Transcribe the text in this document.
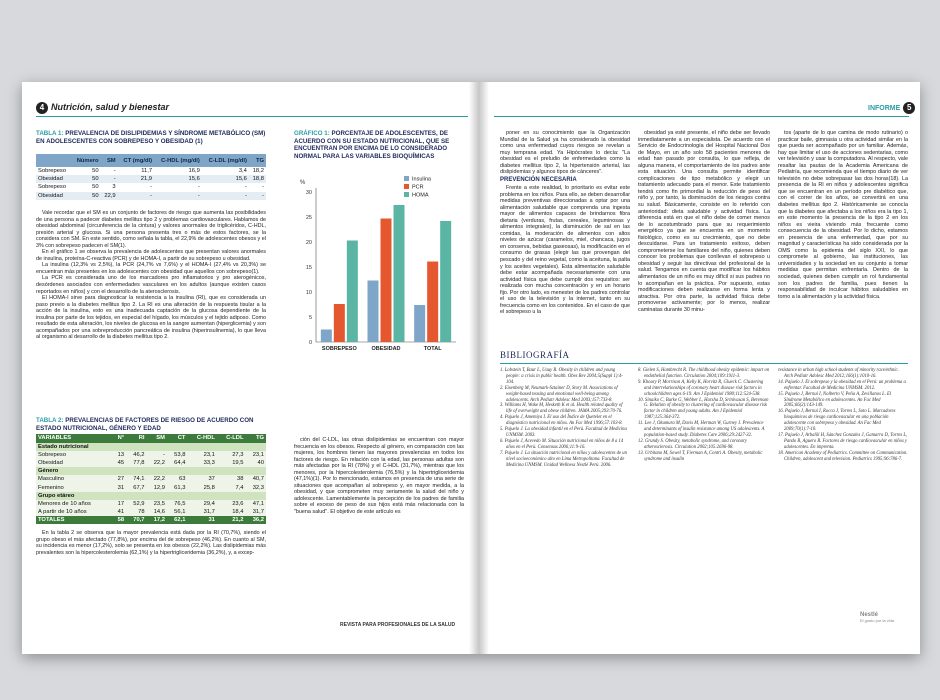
4 Nutrición, salud y bienestar
TABLA 1: PREVALENCIA DE DISLIPIDEMIAS Y SÍNDROME METABÓLICO (SM) EN ADOLESCENTES CON SOBREPESO Y OBESIDAD (1)
	Número	SM	CT (mg/dl)	C-HDL (mg/dl)	C-LDL (mg/dl)	TG
Sobrepeso	50	-	11,7	16,9	3,4	18,2
Obesidad	50	-	21,9	15,6	15,6	18,8
Sobrepeso	50	3	-	-	-	-
Obesidad	50	22,9	-	-	-	-

Vale recordar que el SM es un conjunto de factores de riesgo que aumenta las posibilidades de una persona a padecer diabetes mellitus tipo 2 y problemas cardiovasculares. Hablamos de obesidad abdominal (circunferencia de la cintura) y valores anormales de triglicéridos, C-HDL, presión arterial y glucosa. Si una persona presenta tres o más de estos factores, se la considera con SM. En este sentido, como señala la tabla, el 22,9% de adolescentes obesos y el 3% con sobrepeso padecen el SM(1).

En el gráfico 1 se observa la prevalencia de adolescentes que presentan valores anormales de insulina, proteína-C-reactiva (PCR) y de HOMA-I, a partir de su sobrepeso u obesidad.

La insulina (12,3% vs 2,5%), la PCR (24,7% vs 7,6%) y el HOMA-I (27,4% vs 20,3%) se encuentran más presentes en los adolescentes con obesidad que aquellos con sobrepeso(1).

La PCR es considerada uno de los marcadores pro inflamatorios y pro aterogénicos, desórdenes asociados con enfermedades vasculares en los adultos (aunque existen casos reportados en niños) y con el desarrollo de la aterosclerosis.

El HOMA-I sirve para diagnosticar la resistencia a la insulina (RI), que es considerada un paso previo a la diabetes mellitus tipo 2. La RI es una alteración de la respuesta tisular a la acción de la insulina, esto es una inadecuada captación de la glucosa dependiente de la insulina por parte de los tejidos, en especial del hígado, los músculos y el tejido adiposo. Como resultado de esta alteración, los niveles de glucosa en la sangre aumentan (hiperglicemia) y son acompañados por una sobreproducción pancreática de insulina (hiperinsulinemia), lo que lleva al organismo al desarrollo de la diabetes mellitus tipo 2.

TABLA 2: PREVALENCIAS DE FACTORES DE RIESGO DE ACUERDO CON ESTADO NUTRICIONAL, GÉNERO Y EDAD
VARIABLES	N°	RI	SM	CT	C-HDL	C-LDL	TG
Estado nutricional							
Sobrepeso	13	46,2	-	53,8	23,1	27,3	23,1
Obesidad	45	77,8	22,2	64,4	33,3	19,5	40
Género							
Masculino	27	74,1	22,2	63	37	38	40,7
Femenino	31	67,7	12,9	61,3	25,8	7,4	32,3
Grupo etáreo							
Menores de 10 años	17	52,9	23,5	76,5	29,4	23,6	47,1
A partir de 10 años	41	78	14,6	56,1	31,7	18,4	31,7
TOTALES	58	70,7	17,2	62,1	31	21,2	36,2

En la tabla 2 se observa que la mayor prevalencia está dada por la RI (70,7%), siendo el grupo obeso el más afectado (77,8%), por encima del de sobrepeso (46,2%). En cuanto al SM, su incidencia es menor (17,2%), solo se presenta en los obesos (22,2%). Las dislipidemias más prevalentes son la hipercolesterolemia (62,1%) y la hipertrigliceridemia (36,2%), y, a excep-

GRÁFICO 1: PORCENTAJE DE ADOLESCENTES, DE ACUERDO CON SU ESTADO NUTRICIONAL, QUE SE ENCUENTRAN POR ENCIMA DE LO CONSIDERADO NORMAL PARA LAS VARIABLES BIOQUÍMICAS
%
0
5
10
15
20
25
30
2,5
7,6
20,3
SOBREPESO
12,3
24,7
27,4
OBESIDAD
7,4
16,1
24,2
TOTAL
Insulina
PCR
HOMA

ción del C-LDL, las otras dislipidemias se encuentran con mayor frecuencia en los obesos. Respecto al género, en comparación con las mujeres, los hombres tienen las mayores prevalencias en todos los factores de riesgo. En relación con la edad, las personas adultas son más afectadas por la RI (78%) y el C-HDL (31,7%), mientras que los menores, por la hipercolesterolemia (76,5%) y la hipertrigliceridemia (47,1%)(1). Por lo mencionado, estamos en presencia de una serie de situaciones que acompañan al sobrepeso y, en mayor medida, a la obesidad, y que comprometen muy seriamente la salud del niño y adolescente. Lamentablemente la percepción de los padres de familia sobre el exceso de peso de sus hijos está más relacionada con la "buena salud". El objetivo de este artículo es

REVISTA PARA PROFESIONALES DE LA SALUD
INFORME 5

poner en su conocimiento que la Organización Mundial de la Salud ya ha considerado la obesidad como una enfermedad cuyos riesgos se revelan a muy temprana edad. Ya Hipócrates lo decía: "La obesidad es el preludio de enfermedades como la diabetes mellitus tipo 2, la hipertensión arterial, las dislipidemias y algunos tipos de cánceres".

PREVENCIÓN NECESARIA

Frente a este realidad, lo prioritario es evitar este problema en los niños. Para ello, se deben desarrollar medidas preventivas direccionadas a optar por una alimentación saludable que comprenda una ingesta mayor de alimentos capaces de brindarnos fibra dietaria (verduras, frutas, cereales, leguminosas y alimentos integrales), la disminución de sal en las comidas, la moderación de alimentos con altos niveles de azúcar (caramelos, miel, chancaca, jugos en conserva, bebidas gaseosas), la modificación en el consumo de grasas (elegir las que provengan del pescado y del reino vegetal, como la aceituna, la palta y los aceites vegetales). Esta alimentación saludable debe estar acompañada necesariamente con una actividad física que debe cumplir dos requisitos: ser realizada con mucha concentración y en un horario fijo. Por otro lado, es menester de los padres controlar el uso de la televisión y la internet, tanto en su frecuencia como en los contenidos. En el caso de que el sobrepeso u la

obesidad ya esté presente, el niño debe ser llevado inmediatamente a un especialista. De acuerdo con el Servicio de Endocrinología del Hospital Nacional Dos de Mayo, en un año solo 58 pacientes menores de edad han pasado por consulta, lo que refleja, de alguna manera, el comportamiento de los padres ante esta situación. Una consulta permite identificar complicaciones de tipo metabólico y elegir un tratamiento adecuado para el menor. Este tratamiento tendrá como fin primordial la reducción de peso del niño y, por tanto, la disminución de los riesgos contra su salud. Básicamente, consiste en lo referido con anterioridad: dieta saludable y actividad física. La diferencia está en que el niño debe de comer menos de lo acostumbrado para que su requerimiento energético ya que se encuentra en un momento fisiológico, como es su crecimiento, que no debe descuidarse. Para un tratamiento exitoso, deben comprometerse los familiares del niño, quienes deben conocer los problemas que conllevan el sobrepeso u obesidad y seguir las directivas del profesional de la salud. Tengamos en cuenta que modificar los hábitos alimentarios de un niño es muy difícil si sus padres no lo acompañan en la práctica. Por supuesto, estas modificaciones deben realizarse en forma lenta y atractiva. Por otra parte, la actividad física debe promoverse activamente; por lo menos, realizar caminatas durante 30 minu-

tos (aparte de lo que camina de modo rutinario) o practicar baile, gimnasia u otra actividad similar en la que pueda ser acompañado por un familiar. Además, hay que limitar el uso de acciones sedentarias, como ver televisión y usar la computadora. Al respecto, vale resaltar las pautas de la Academia Americana de Pediatría, que recomienda que el tiempo diario de ver televisión no debe sobrepasar las dos horas(18). La presencia de la RI en niños y adolescentes significa que se encuentran en un período pre diabético que, con el correr de los años, se convertirá en una diabetes mellitus tipo 2. Históricamente se conocía que la diabetes que afectaba a los niños era la tipo 1, en este momento la presencia de la tipo 2 en los niños es vieira viviendo más frecuente como consecuencia de la obesidad. Por lo dicho, estamos en presencia de una enfermedad, que por su magnitud y características ha sido considerada por la OMS como la epidemia del siglo XXI, lo que compromete al gobierno, las instituciones, las universidades y la sociedad en su conjunto a tomar medidas que permitan enfrentarla. Dentro de la sociedad, quienes deben cumplir un rol fundamental son los padres de familia, pues tienen la responsabilidad de inculcar hábitos saludables en torno a la alimentación y la actividad física.

BIBLIOGRAFÍA
1. Lobstein T, Baur L, Uauy R. Obesity in children and young people: a crisis in public health. Obes Rev 2004;5(Suppl 1):4-104.
2. Eisenberg M, Neumark-Sztainer D, Story M. Associations of weight-based teasing and emotional well-being among adolescents. Arch Pediatr Adolesc Med 2003;157:733-8.
3. Williams H, Wake M, Hesketh K et al. Health related quality of life of overweight and obese children. JAMA 2005;293:70-76.
4. Pajuelo J, Amemiya I. El uso del Índice de Quetelet en el diagnóstico nutricional en niños. An Fac Med 1996;57:103-8.
5. Pajuelo J. La obesidad infantil en el Perú. Facultad de Medicina UNMSM. 2003.
6. Pajuelo J, Acevedo M. Situación nutricional en niños de 8 a 14 años en el Perú. Consensus 2006;11:9-16.
7. Pajuelo J. La situación nutricional en niños y adolescentes de un nivel socioeconómico alto en Lima Metropolitana. Facultad de Medicina UNMSM. Unidad Wellness Nestlé Perú. 2006.
8. Gielen S, Hambrecht R. The childhood obesity epidemic: impact on endothelial function. Circulation 2004;109:1911-3.
9. Khoury P, Morrison A, Kelly K, Horvitz R, Glueck C. Clustering and interrelationships of coronary heart disease risk factors in schoolchildren ages 6-19. Am J Epidemiol 1980;112:524-538.
10. Sinaiko C, Burke G, Webber L, Harsha D, Srinivasan S, Berenson G. Relation of obesity to clustering of cardiovascular disease risk factor in children and young adults. Am J Epidemiol 1987;125:364-372.
11. Lee J, Okumura M, Davis M, Herman W, Gurney J. Prevalence and determinants of insulin resistance among US adolescents. A population-based study. Diabetes Care 2006;29:2427-32.
12. Grundy S. Obesity, metabolic syndrome, and coronary atherosclerosis. Circulation 2002;105:2696-98.
13. Urbitano M, Sowel T, Fierman A, Contri A. Obesity, metabolic syndrome and insulin
resistance in urban high school students of minority race/ethnic. Arch Pediatr Adolesc Med 2012;166(1):1010-16.
14. Pajuelo J. El sobrepeso y la obesidad en el Perú: un problema a enfrentar. Facultad de Medicina UNMSM. 2012.
15. Pajuelo J, Bernui I, Nolberto V, Peña A, Zevillanos L. El Síndrome Metabólico en adolescentes. An Fac Med 2005;66(2):143-149.
16. Pajuelo J, Bernui I, Rocca J, Torres L, Soto L. Marcadores bioquímicos de riesgo cardiovascular en una población adolescente con sobrepeso y obesidad. An Fac Med 2009;70(1):7-10.
17. Pajuelo J, Arbañil H, Sánchez Gonzales J, Gamarra D, Torres L, Pando R, Aguero R. Factores de riesgo cardiovascular en niños y adolescentes. En imprenta.
18. American Academy of Pediatrics. Committee on Communication. Children, adolescent and television. Pediatrics 1995;96:786-7.
Nestlé
El gusto por la vida
